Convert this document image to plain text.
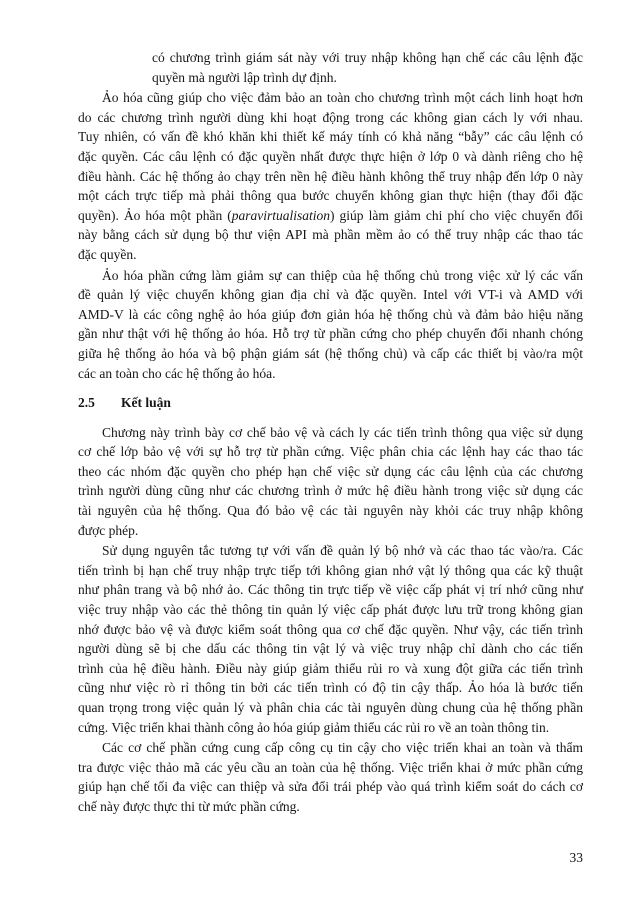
có chương trình giám sát này với truy nhập không hạn chế các câu lệnh đặc
quyền mà người lập trình dự định.
Ảo hóa cũng giúp cho việc đảm bảo an toàn cho chương trình một cách linh hoạt hơn
do các chương trình người dùng khi hoạt động trong các không gian cách ly với nhau.
Tuy nhiên, có vấn đề khó khăn khi thiết kế máy tính có khả năng “bẫy” các câu lệnh có
đặc quyền. Các câu lệnh có đặc quyền nhất được thực hiện ở lớp 0 và dành riêng cho hệ
điều hành. Các hệ thống ảo chạy trên nền hệ điều hành không thể truy nhập đến lớp 0 này
một cách trực tiếp mà phải thông qua bước chuyển không gian thực hiện (thay đổi đặc
quyền). Ảo hóa một phần (paravirtualisation) giúp làm giảm chi phí cho việc chuyển đổi
này bằng cách sử dụng bộ thư viện API mà phần mềm ảo có thể truy nhập các thao tác
đặc quyền.
Ảo hóa phần cứng làm giảm sự can thiệp của hệ thống chủ trong việc xử lý các vấn
đề quản lý việc chuyển không gian địa chỉ và đặc quyền. Intel với VT-i và AMD với
AMD-V là các công nghệ ảo hóa giúp đơn giản hóa hệ thống chủ và đảm bảo hiệu năng
gần như thật với hệ thống ảo hóa. Hỗ trợ từ phần cứng cho phép chuyển đổi nhanh chóng
giữa hệ thống ảo hóa và bộ phận giám sát (hệ thống chủ) và cấp các thiết bị vào/ra một
các an toàn cho các hệ thống ảo hóa.
2.5 Kết luận
Chương này trình bày cơ chế bảo vệ và cách ly các tiến trình thông qua việc sử dụng
cơ chế lớp bảo vệ với sự hỗ trợ từ phần cứng. Việc phân chia các lệnh hay các thao tác
theo các nhóm đặc quyền cho phép hạn chế việc sử dụng các câu lệnh của các chương
trình người dùng cũng như các chương trình ở mức hệ điều hành trong việc sử dụng các
tài nguyên của hệ thống. Qua đó bảo vệ các tài nguyên này khỏi các truy nhập không
được phép.
Sử dụng nguyên tắc tương tự với vấn đề quản lý bộ nhớ và các thao tác vào/ra. Các
tiến trình bị hạn chế truy nhập trực tiếp tới không gian nhớ vật lý thông qua các kỹ thuật
như phân trang và bộ nhớ ảo. Các thông tin trực tiếp về việc cấp phát vị trí nhớ cũng như
việc truy nhập vào các thẻ thông tin quản lý việc cấp phát được lưu trữ trong không gian
nhớ được bảo vệ và được kiểm soát thông qua cơ chế đặc quyền. Như vậy, các tiến trình
người dùng sẽ bị che dấu các thông tin vật lý và việc truy nhập chỉ dành cho các tiến
trình của hệ điều hành. Điều này giúp giảm thiểu rủi ro và xung đột giữa các tiến trình
cũng như việc rò rỉ thông tin bởi các tiến trình có độ tin cậy thấp. Ảo hóa là bước tiến
quan trọng trong việc quản lý và phân chia các tài nguyên dùng chung của hệ thống phần
cứng. Việc triển khai thành công ảo hóa giúp giảm thiểu các rủi ro về an toàn thông tin.
Các cơ chế phần cứng cung cấp công cụ tin cậy cho việc triển khai an toàn và thẩm
tra được việc thảo mã các yêu cầu an toàn của hệ thống. Việc triển khai ở mức phần cứng
giúp hạn chế tối đa việc can thiệp và sửa đổi trái phép vào quá trình kiểm soát do cách cơ
chế này được thực thi từ mức phần cứng.
33
